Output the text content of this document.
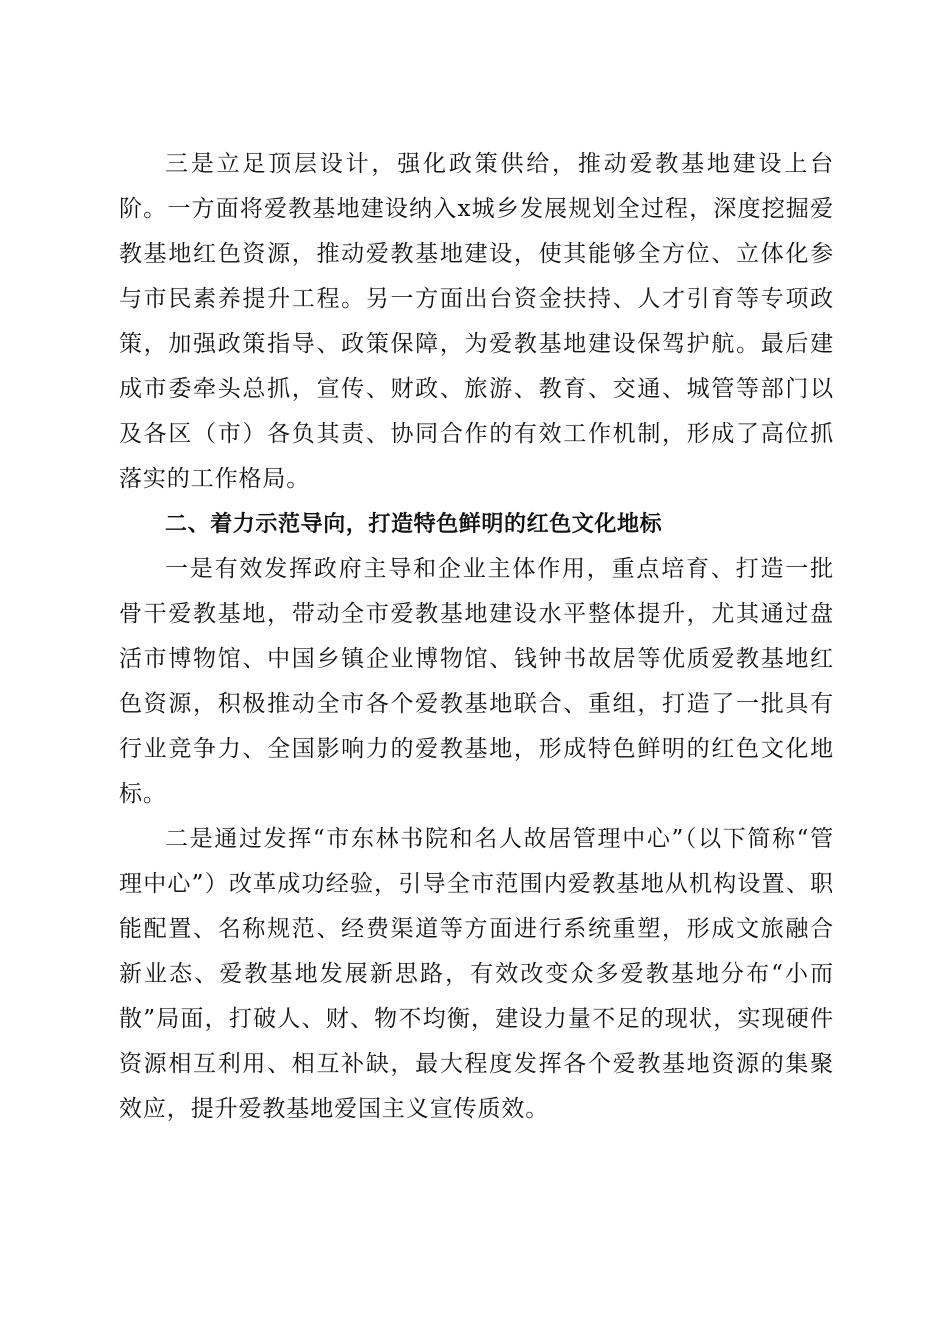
三是立足顶层设计，强化政策供给，推动爱教基地建设上台阶。一方面将爱教基地建设纳入x城乡发展规划全过程，深度挖掘爱教基地红色资源，推动爱教基地建设，使其能够全方位、立体化参与市民素养提升工程。另一方面出台资金扶持、人才引育等专项政策，加强政策指导、政策保障，为爱教基地建设保驾护航。最后建成市委牵头总抓，宣传、财政、旅游、教育、交通、城管等部门以及各区（市）各负其责、协同合作的有效工作机制，形成了高位抓落实的工作格局。

二、着力示范导向，打造特色鲜明的红色文化地标

一是有效发挥政府主导和企业主体作用，重点培育、打造一批骨干爱教基地，带动全市爱教基地建设水平整体提升，尤其通过盘活市博物馆、中国乡镇企业博物馆、钱钟书故居等优质爱教基地红色资源，积极推动全市各个爱教基地联合、重组，打造了一批具有行业竞争力、全国影响力的爱教基地，形成特色鲜明的红色文化地标。

二是通过发挥“市东林书院和名人故居管理中心”（以下简称“管理中心”）改革成功经验，引导全市范围内爱教基地从机构设置、职能配置、名称规范、经费渠道等方面进行系统重塑，形成文旅融合新业态、爱教基地发展新思路，有效改变众多爱教基地分布“小而散”局面，打破人、财、物不均衡，建设力量不足的现状，实现硬件资源相互利用、相互补缺，最大程度发挥各个爱教基地资源的集聚效应，提升爱教基地爱国主义宣传质效。
